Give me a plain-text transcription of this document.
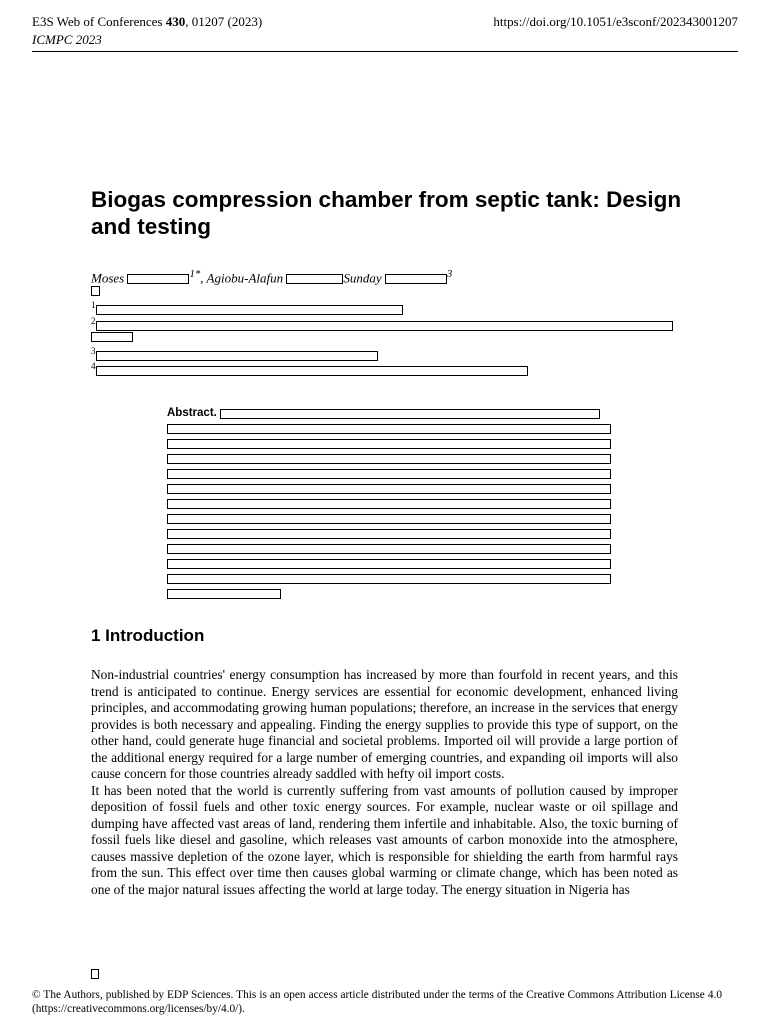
E3S Web of Conferences 430, 01207 (2023)
ICMPC 2023
https://doi.org/10.1051/e3sconf/202343001207
Biogas compression chamber from septic tank: Design and testing
Moses	$^{1*}$, Agiobu-Alafun	Sunday	$^3$
$^1$
$^2$
$^3$
$^4$
Abstract.
1 Introduction

Non-industrial countries' energy consumption has increased by more than fourfold in recent years, and this trend is anticipated to continue. Energy services are essential for economic development, enhanced living principles, and accommodating growing human populations; therefore, an increase in the services that energy provides is both necessary and appealing. Finding the energy supplies to provide this type of support, on the other hand, could generate huge financial and societal problems. Imported oil will provide a large portion of the additional energy required for a large number of emerging countries, and expanding oil imports will also cause concern for those countries already saddled with hefty oil import costs.

It has been noted that the world is currently suffering from vast amounts of pollution caused by improper deposition of fossil fuels and other toxic energy sources. For example, nuclear waste or oil spillage and dumping have affected vast areas of land, rendering them infertile and inhabitable. Also, the toxic burning of fossil fuels like diesel and gasoline, which releases vast amounts of carbon monoxide into the atmosphere, causes massive depletion of the ozone layer, which is responsible for shielding the earth from harmful rays from the sun. This effect over time then causes global warming or climate change, which has been noted as one of the major natural issues affecting the world at large today. The energy situation in Nigeria has

© The Authors, published by EDP Sciences. This is an open access article distributed under the terms of the Creative Commons Attribution License 4.0 (https://creativecommons.org/licenses/by/4.0/).
